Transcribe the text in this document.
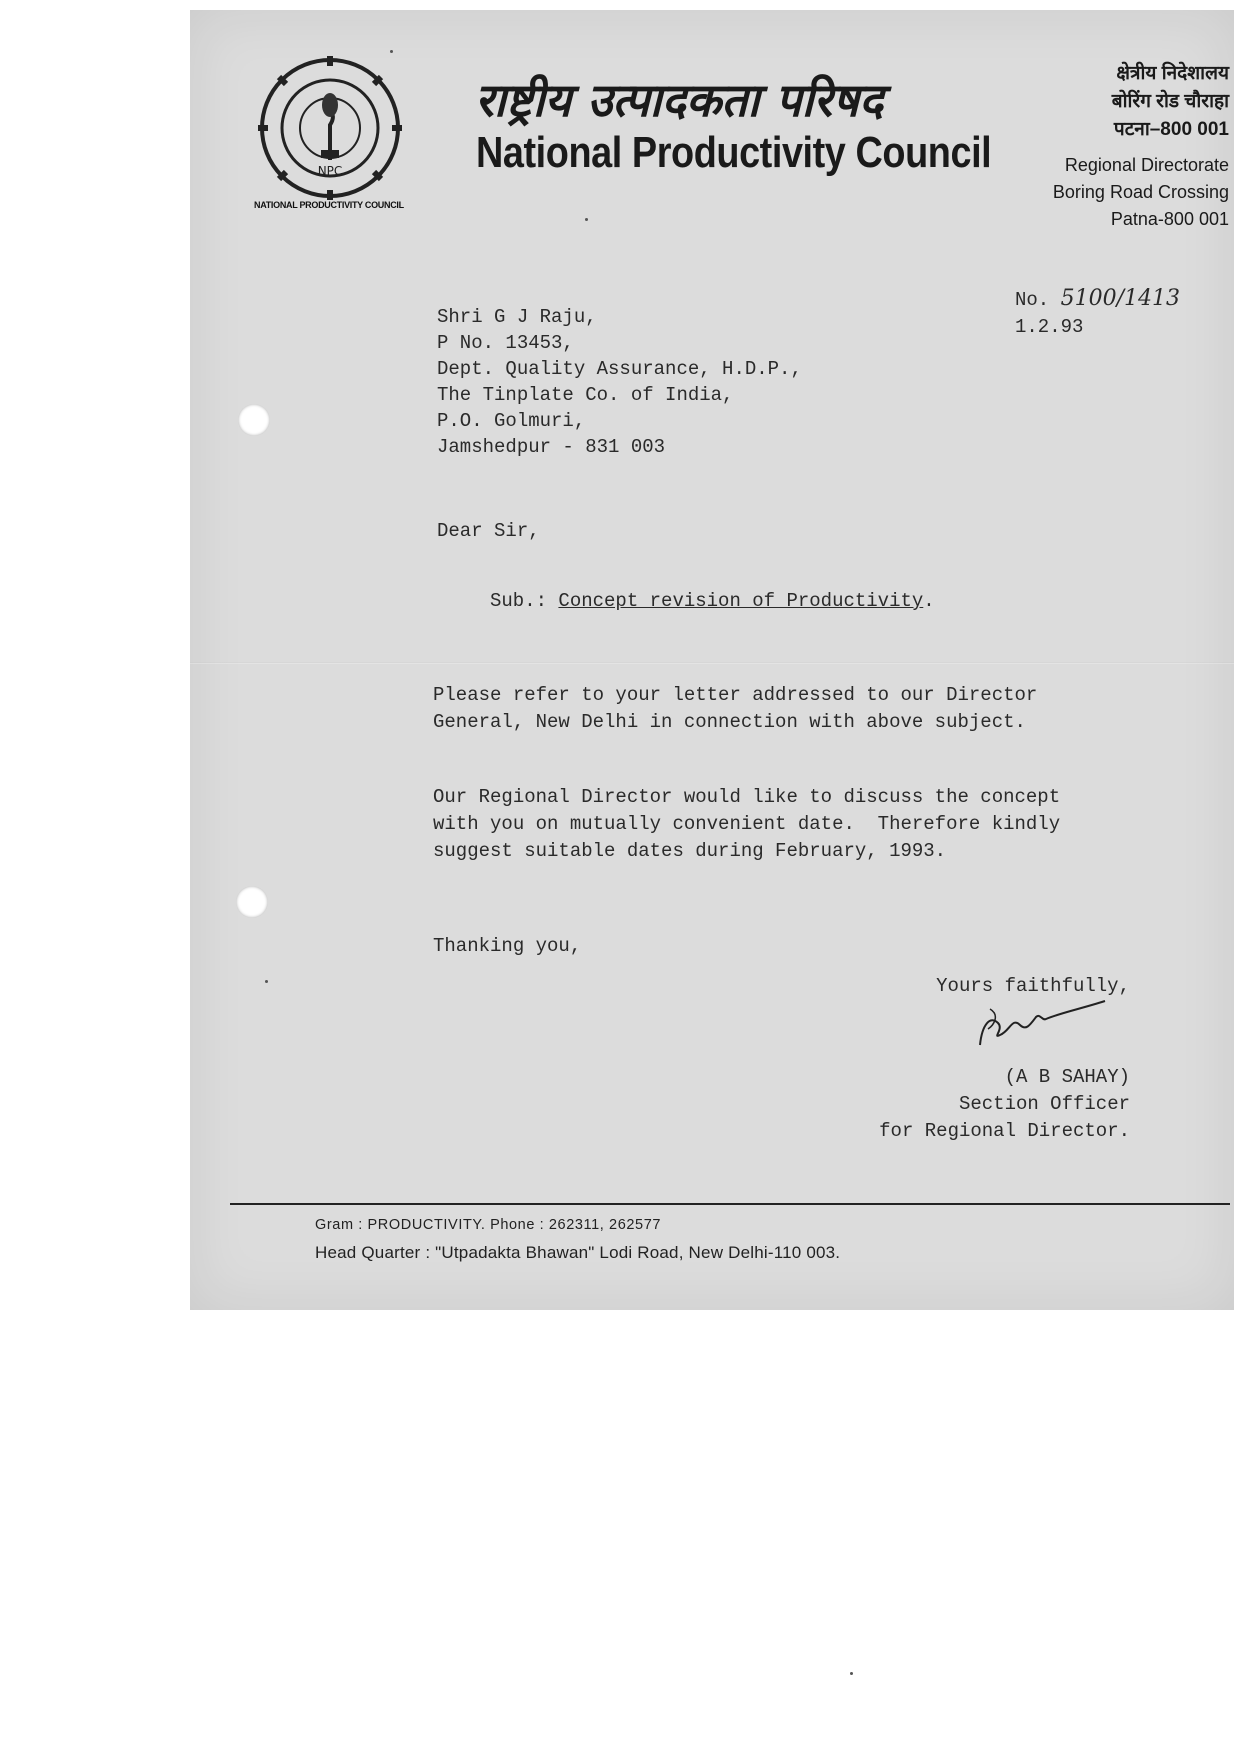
NPC
NATIONAL PRODUCTIVITY COUNCIL
राष्ट्रीय उत्पादकता परिषद
National Productivity Council
क्षेत्रीय निदेशालय
बोरिंग रोड चौराहा
पटना–800 001
Regional Directorate
Boring Road Crossing
Patna-800 001
No. 5100/1413
1.2.93
Shri G J Raju,
P No. 13453,
Dept. Quality Assurance, H.D.P.,
The Tinplate Co. of India,
P.O. Golmuri,
Jamshedpur - 831 003
Dear Sir,
Sub.: Concept revision of Productivity.
Please refer to your letter addressed to our Director
General, New Delhi in connection with above subject.
Our Regional Director would like to discuss the concept
with you on mutually convenient date.  Therefore kindly
suggest suitable dates during February, 1993.
Thanking you,
Yours faithfully,
(A B SAHAY)
Section Officer
for Regional Director.
Gram : PRODUCTIVITY. Phone : 262311, 262577
Head Quarter : "Utpadakta Bhawan" Lodi Road, New Delhi-110 003.
